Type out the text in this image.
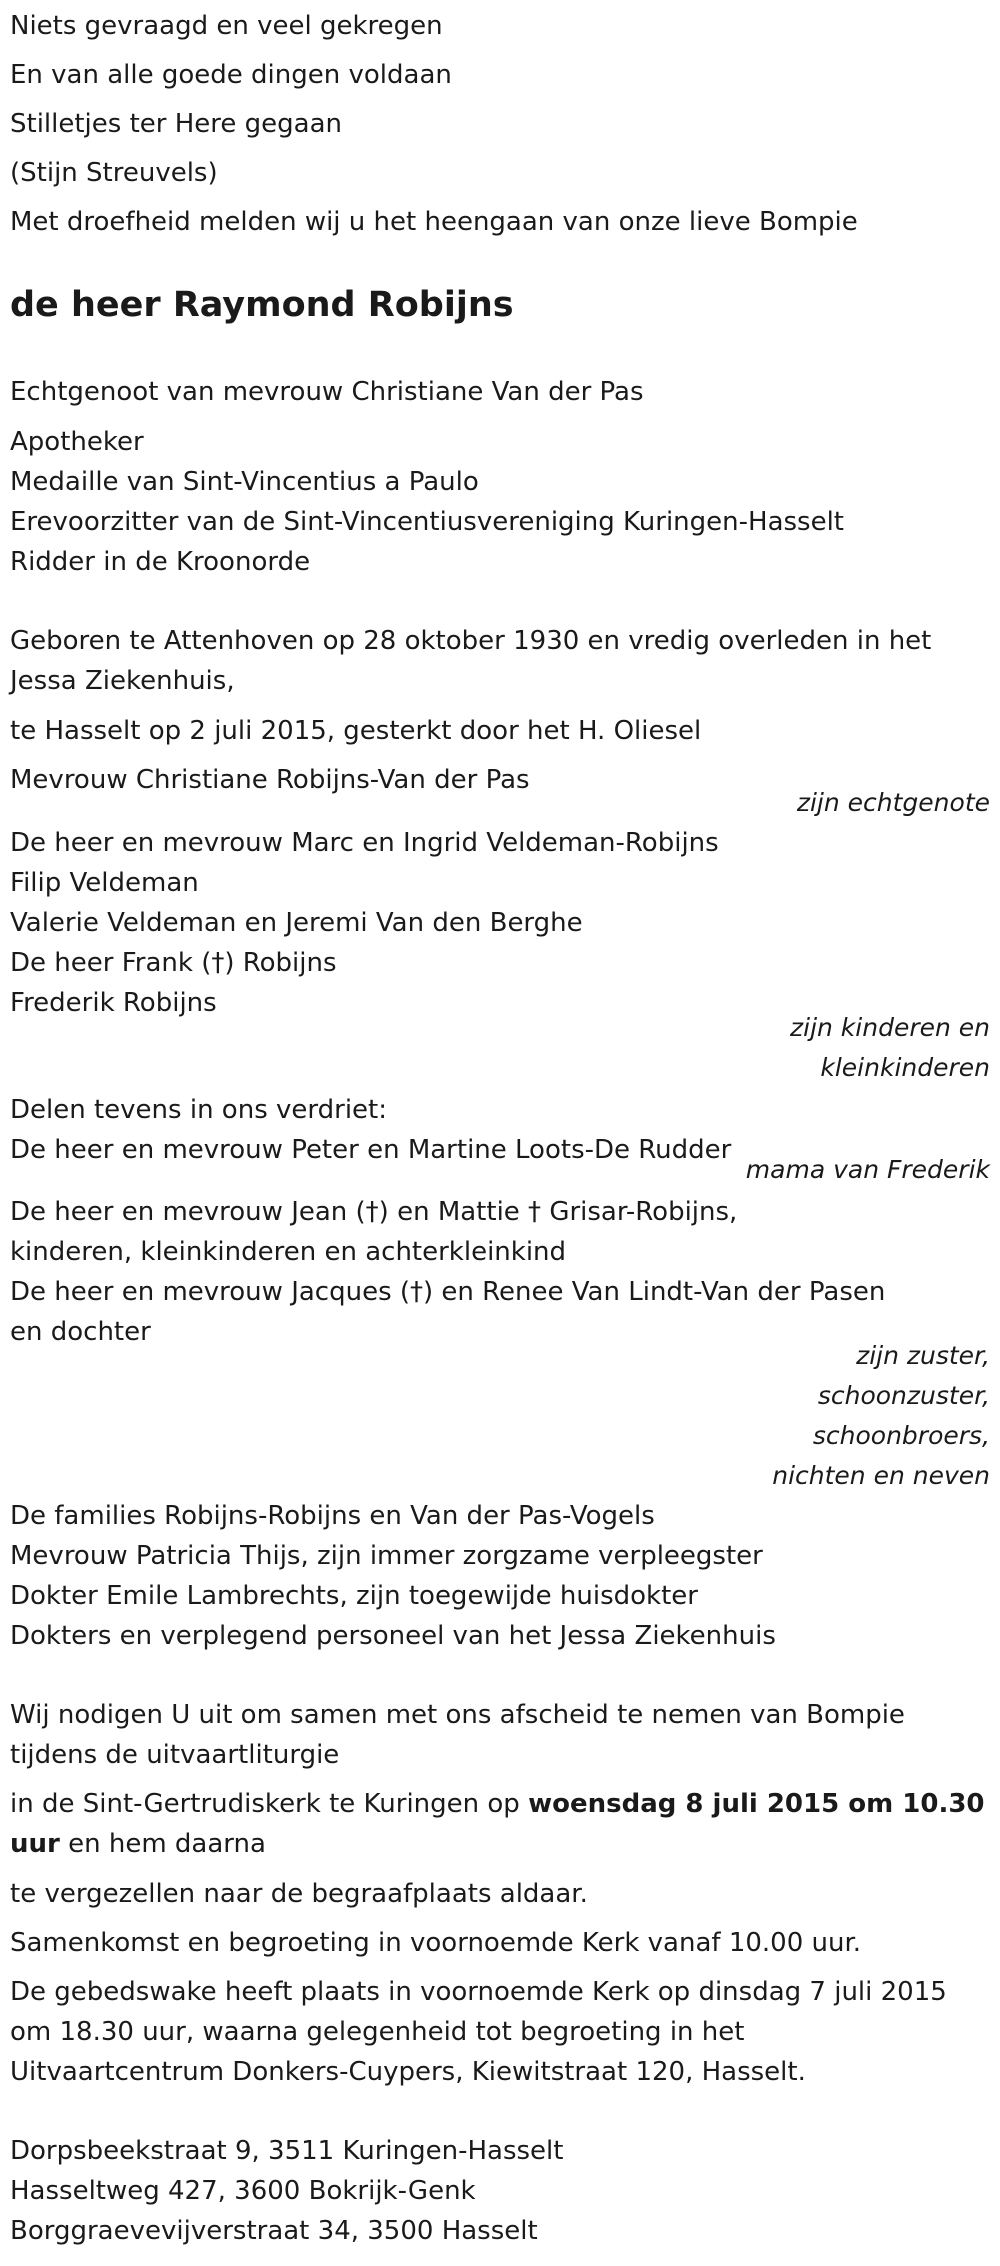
Niets gevraagd en veel gekregen
En van alle goede dingen voldaan
Stilletjes ter Here gegaan
(Stijn Streuvels)
Met droefheid melden wij u het heengaan van onze lieve Bompie
de heer Raymond Robijns
Echtgenoot van mevrouw Christiane Van der Pas
Apotheker
Medaille van Sint-Vincentius a Paulo
Erevoorzitter van de Sint-Vincentiusvereniging Kuringen-Hasselt
Ridder in de Kroonorde
Geboren te Attenhoven op 28 oktober 1930 en vredig overleden in het
Jessa Ziekenhuis,
te Hasselt op 2 juli 2015, gesterkt door het H. Oliesel
Mevrouw Christiane Robijns-Van der Pas
zijn echtgenote
De heer en mevrouw Marc en Ingrid Veldeman-Robijns
Filip Veldeman
Valerie Veldeman en Jeremi Van den Berghe
De heer Frank (†) Robijns
Frederik Robijns
zijn kinderen en
kleinkinderen
Delen tevens in ons verdriet:
De heer en mevrouw Peter en Martine Loots-De Rudder
mama van Frederik
De heer en mevrouw Jean (†) en Mattie † Grisar-Robijns,
kinderen, kleinkinderen en achterkleinkind
De heer en mevrouw Jacques (†) en Renee Van Lindt-Van der Pasen
en dochter
zijn zuster,
schoonzuster,
schoonbroers,
nichten en neven
De families Robijns-Robijns en Van der Pas-Vogels
Mevrouw Patricia Thijs, zijn immer zorgzame verpleegster
Dokter Emile Lambrechts, zijn toegewijde huisdokter
Dokters en verplegend personeel van het Jessa Ziekenhuis
Wij nodigen U uit om samen met ons afscheid te nemen van Bompie
tijdens de uitvaartliturgie
in de Sint-Gertrudiskerk te Kuringen op woensdag 8 juli 2015 om 10.30
uur en hem daarna
te vergezellen naar de begraafplaats aldaar.
Samenkomst en begroeting in voornoemde Kerk vanaf 10.00 uur.
De gebedswake heeft plaats in voornoemde Kerk op dinsdag 7 juli 2015
om 18.30 uur, waarna gelegenheid tot begroeting in het
Uitvaartcentrum Donkers-Cuypers, Kiewitstraat 120, Hasselt.
Dorpsbeekstraat 9, 3511 Kuringen-Hasselt
Hasseltweg 427, 3600 Bokrijk-Genk
Borggraevevijverstraat 34, 3500 Hasselt
